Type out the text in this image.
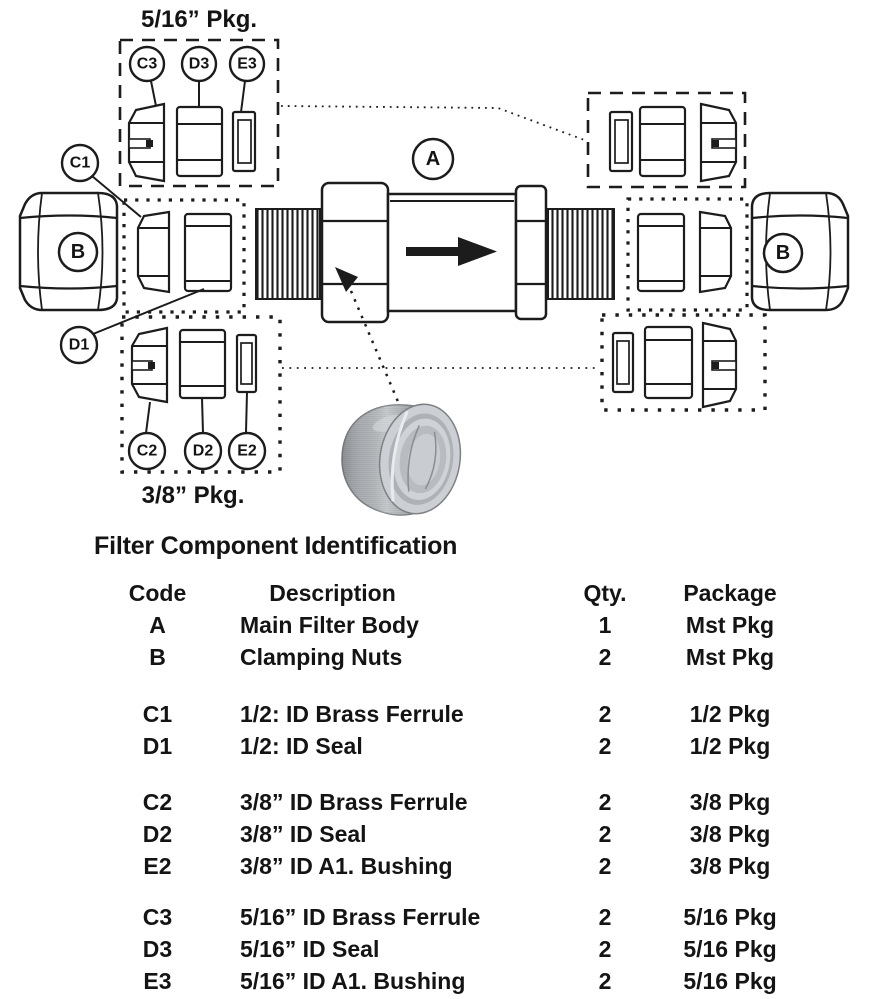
C3 D3 E3
5/16” Pkg.
C1
D1
C2 D2 E2
3/8” Pkg.
A
B	B
Filter Component Identification
Code	Description	Qty.	Package
A	Main Filter Body	1	Mst Pkg
B	Clamping Nuts	2	Mst Pkg
C1	1/2: ID Brass Ferrule	2	1/2 Pkg
D1	1/2: ID Seal	2	1/2 Pkg
C2	3/8” ID Brass Ferrule	2	3/8 Pkg
D2	3/8” ID Seal	2	3/8 Pkg
E2	3/8” ID A1. Bushing	2	3/8 Pkg
C3	5/16” ID Brass Ferrule	2	5/16 Pkg
D3	5/16” ID Seal	2	5/16 Pkg
E3	5/16” ID A1. Bushing	2	5/16 Pkg
